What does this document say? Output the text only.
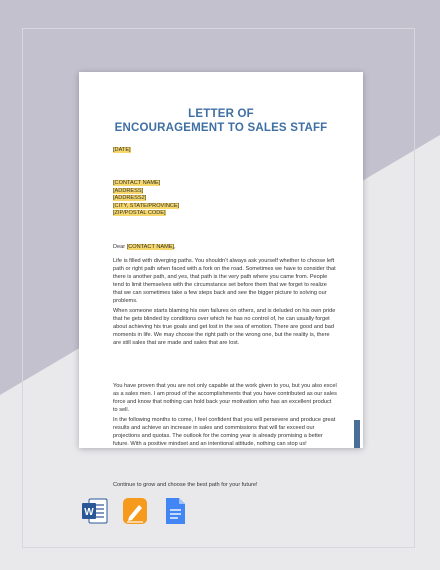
LETTER OF
ENCOURAGEMENT TO SALES STAFF
[DATE]
[CONTACT NAME]
[ADDRESS]
[ADDRESS2]
[CITY, STATE/PROVINCE]
[ZIP/POSTAL CODE]
Dear [CONTACT NAME],
Life is filled with diverging paths. You shouldn't always ask yourself whether to choose left path or right path when faced with a fork on the road. Sometimes we have to consider that there is another path, and yes, that path is the very path where you came from. People tend to limit themselves with the circumstance set before them that we forget to realize that we can sometimes take a few steps back and see the bigger picture to solving our problems.
When someone starts blaming his own failures on others, and is deluded on his own pride that he gets blinded by conditions over which he has no control of, he can usually forget about achieving his true goals and get lost in the sea of emotion. There are good and bad moments in life. We may choose the right path or the wrong one, but the reality is, there are still sales that are made and sales that are lost.
You have proven that you are not only capable at the work given to you, but you also excel as a sales men. I am proud of the accomplishments that you have contributed as our sales force and know that nothing can hold back your motivation who has an excellent product to sell.
In the following months to come, I feel confident that you will persevere and produce great results and achieve an increase in sales and commissions that will far exceed our projections and quotas. The outlook for the coming year is already promising a better future. With a positive mindset and an intentional attitude, nothing can stop us!
Continue to grow and choose the best path for your future!
W
